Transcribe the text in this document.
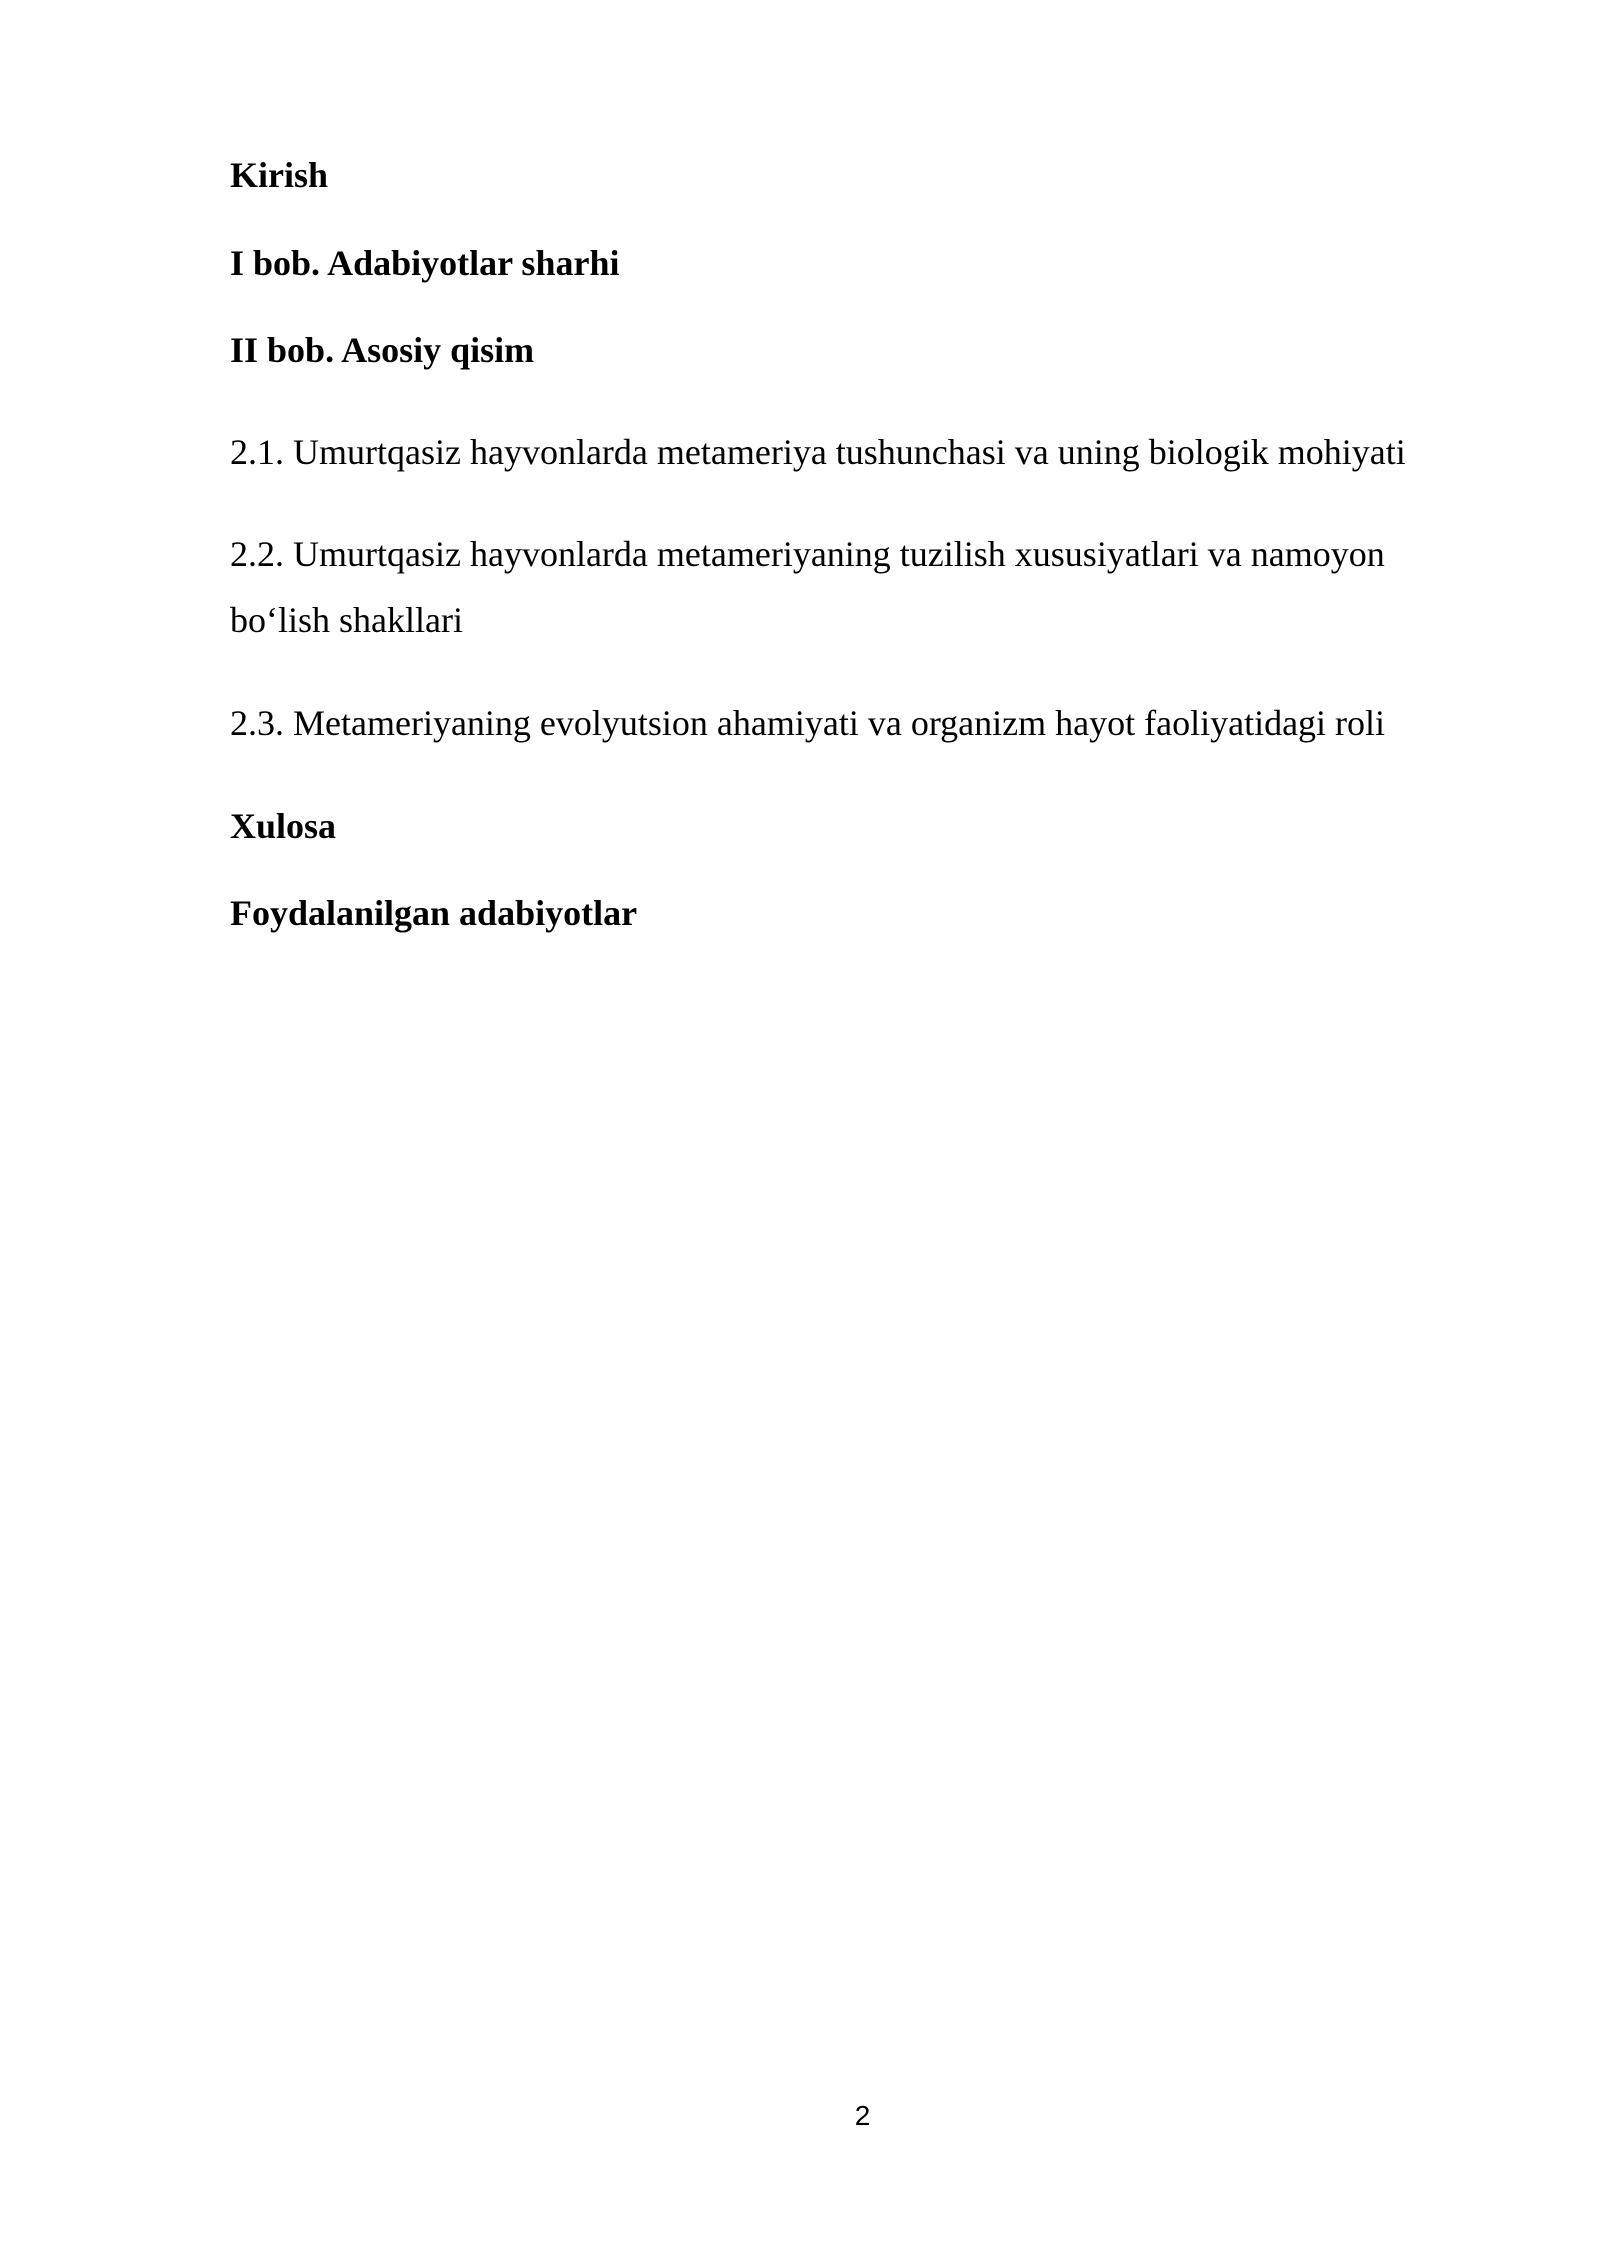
Kirish
I bob. Adabiyotlar sharhi
II bob. Asosiy qisim
2.1. Umurtqasiz hayvonlarda metameriya tushunchasi va uning biologik mohiyati
2.2. Umurtqasiz hayvonlarda metameriyaning tuzilish xususiyatlari va namoyon bo‘lish shakllari
2.3. Metameriyaning evolyutsion ahamiyati va organizm hayot faoliyatidagi roli
Xulosa
Foydalanilgan adabiyotlar
2
